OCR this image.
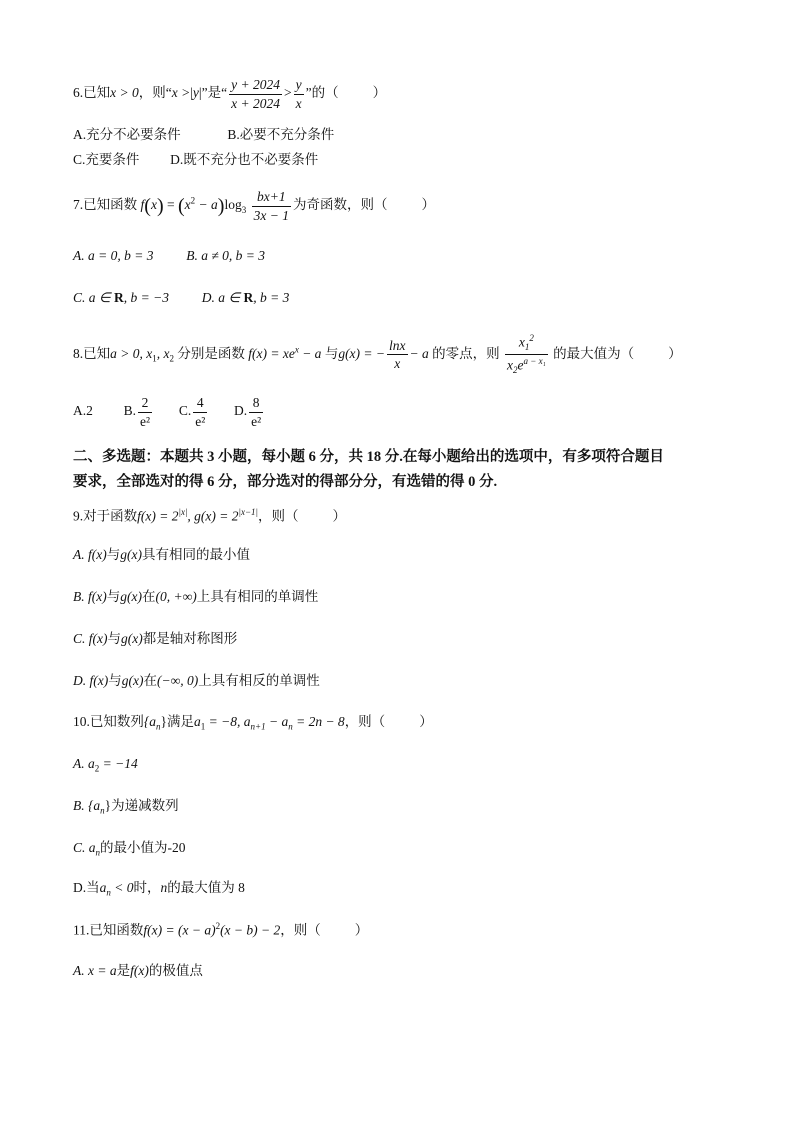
6.已知x > 0，则“x >|y|”是“ $\frac{y + 2024}{x + 2024} > \frac{y}{x}$ ”的（	）
A.充分不必要条件	B.必要不充分条件
C.充要条件 D.既不充分也不必要条件
7.已知函数 $f(x) = (x^2 - a)\log_3 \frac{bx+1}{3x - 1}$ 为奇函数，则（	）
A. a = 0, b = 3 B. a ≠ 0, b = 3
C. a ∈ R, b = −3 D. a ∈ R, b = 3
8.已知a > 0, $x_1$, $x_2$ 分别是函数 $f(x) = xe^x - a$ 与g(x) = − $\frac{\ln x}{x} - a$ 的零点，则 $\frac{x_1^2}{x_2e^{a - x_1}}$ 的最大值为（	）
A.2 B. $\frac{2}{\text{e²}} C$. $\frac{4}{\text{e²}} D$. $\frac{8}{\text{e²}}$
二、多选题：本题共 3 小题，每小题 6 分，共 18 分.在每小题给出的选项中，有多项符合题目
要求，全部选对的得 6 分，部分选对的得部分分，有选错的得 0 分.
9.对于函数$f(x) = 2^{|x|}$, $g(x) = 2^{|x-1|}$，则（	）
A. f(x)与g(x)具有相同的最小值
B. f(x)与g(x)在(0, +∞)上具有相同的单调性
C. f(x)与g(x)都是轴对称图形
D. f(x)与g(x)在(−∞, 0)上具有相反的单调性
10.已知数列$\{a_n\}$满足$a_1 = -8$, $a_{n+1} - a_n = 2n - 8$，则（	）
A. $a_2 = -14$
B. $\{a_n\}$为递减数列
C. $a_n$的最小值为-20
D.当$a_n < 0$时，n的最大值为 8
11.已知函数$f(x) = (x - a)^2(x - b) - 2$，则（	）
A. x = a是f(x)的极值点
